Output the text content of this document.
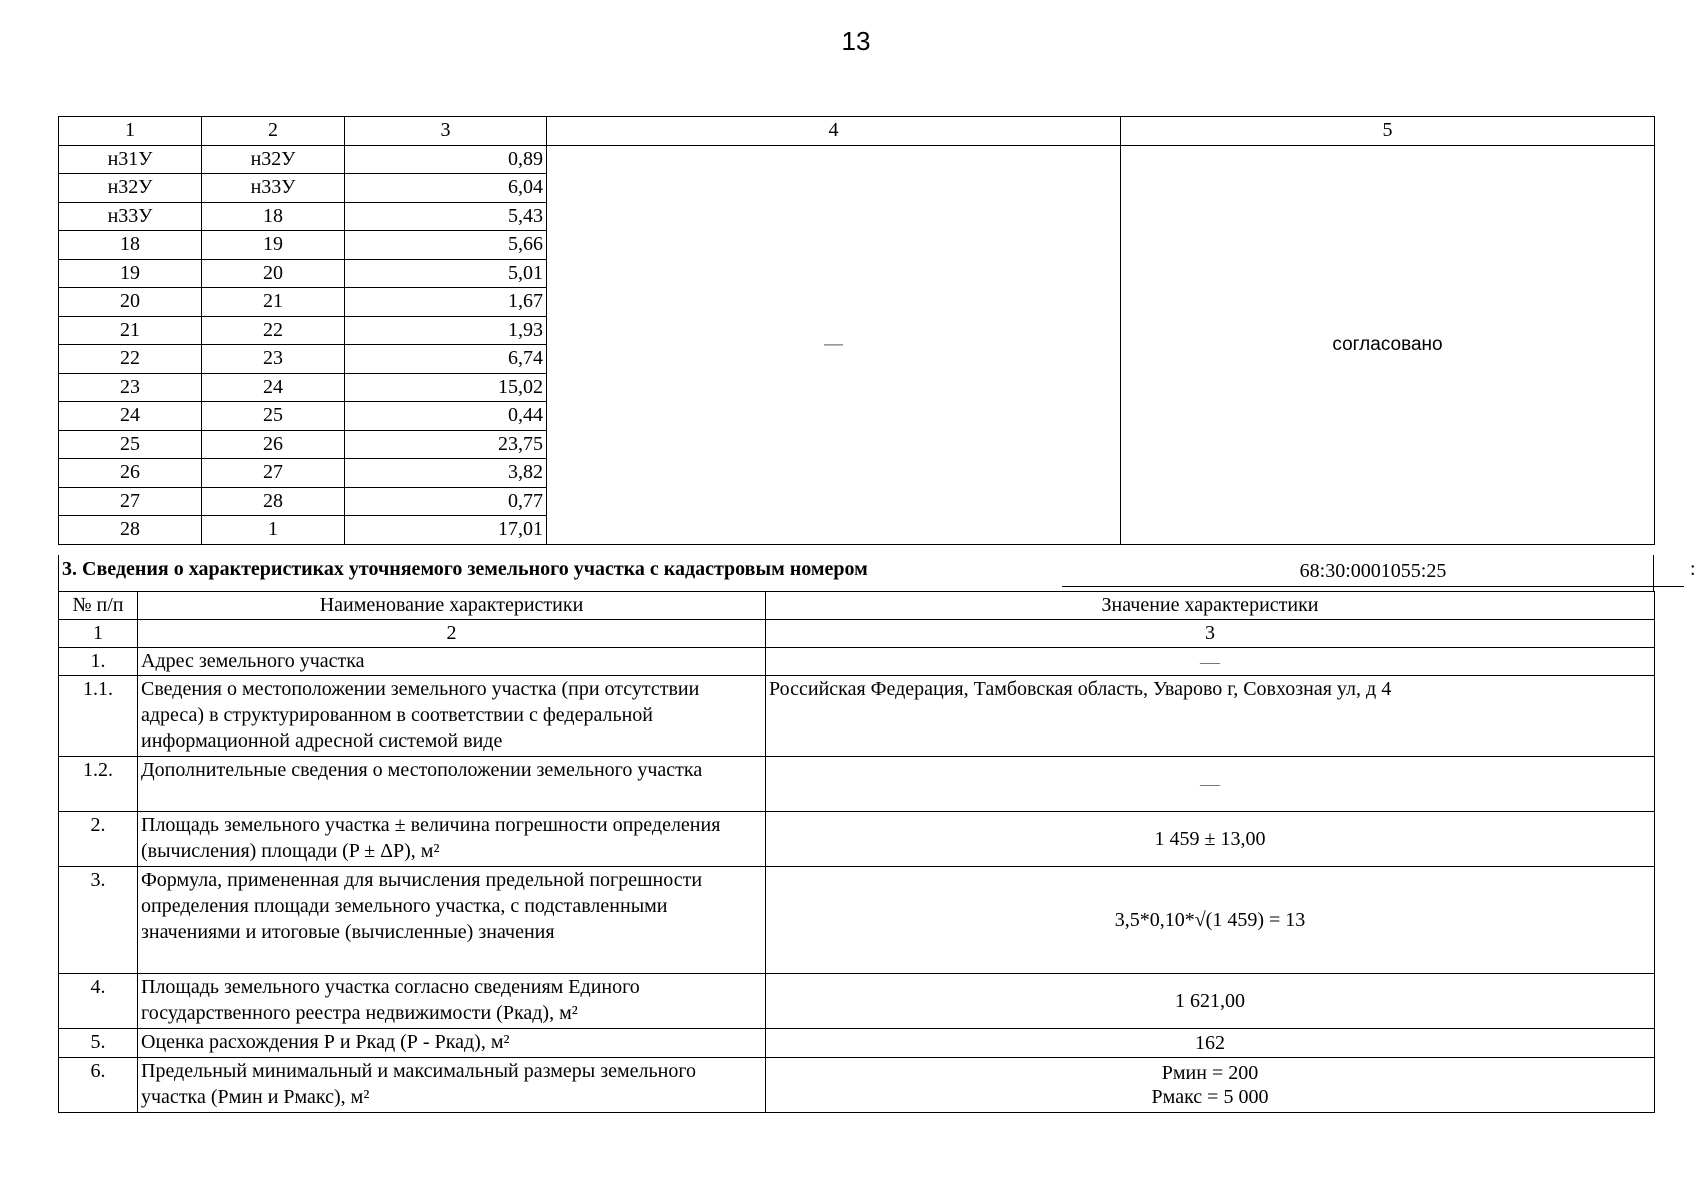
13
1	2	3	4	5
н31У	н32У	0,89	—	согласовано
н32У	н33У	6,04		
н33У	18	5,43		
18	19	5,66		
19	20	5,01		
20	21	1,67		
21	22	1,93		
22	23	6,74		
23	24	15,02		
24	25	0,44		
25	26	23,75		
26	27	3,82		
27	28	0,77		
28	1	17,01		
3. Сведения о характеристиках уточняемого земельного участка с кадастровым номером	68:30:0001055:25	:
№ п/п	Наименование характеристики	Значение характеристики
1	2	3
1.	Адрес земельного участка	—
1.1.	Сведения о местоположении земельного участка (при отсутствии адреса) в структурированном в соответствии с федеральной информационной адресной системой виде	Российская Федерация, Тамбовская область, Уварово г, Совхозная ул, д 4
1.2.	Дополнительные сведения о местоположении земельного участка	—
2.	Площадь земельного участка ± величина погрешности определения (вычисления) площади (P ± ΔP), м²	1 459 ± 13,00
3.	Формула, примененная для вычисления предельной погрешности определения площади земельного участка, с подставленными значениями и итоговые (вычисленные) значения	3,5*0,10*√(1 459) = 13
4.	Площадь земельного участка согласно сведениям Единого государственного реестра недвижимости (Ркад), м²	1 621,00
5.	Оценка расхождения Р и Ркад (Р - Ркад), м²	162
6.	Предельный минимальный и максимальный размеры земельного участка (Рмин и Рмакс), м²	Рмин = 200
Рмакс = 5 000
